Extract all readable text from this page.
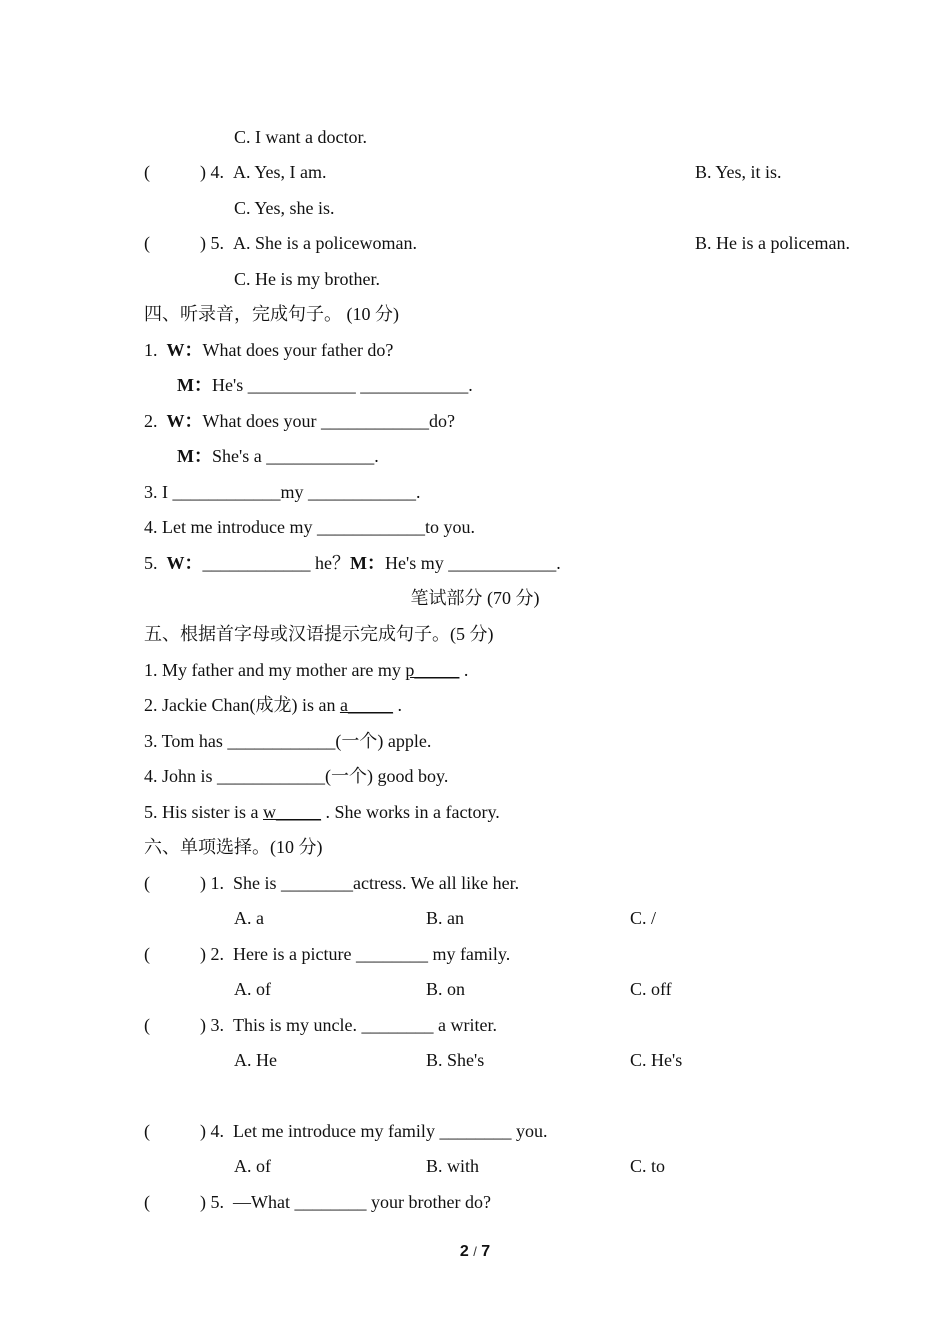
C. I want a doctor.
(	) 4. A. Yes, I am.	B. Yes, it is.
C. Yes, she is.
(	) 5. A. She is a policewoman.	B. He is a policeman.
C. He is my brother.
四、听录音，完成句子。 (10 分)
1. W：What does your father do?
M：He's ____________ ____________.
2. W：What does your ____________do?
M：She's a ____________.
3. I ____________my ____________.
4. Let me introduce my ____________to you.
5. W：____________ he？M：He's my ____________.
笔试部分 (70 分)
五、根据首字母或汉语提示完成句子。(5 分)
1. My father and my mother are my p_____ .
2. Jackie Chan(成龙) is an a_____ .
3. Tom has ____________(一个) apple.
4. John is ____________(一个) good boy.
5. His sister is a w_____ . She works in a factory.
六、单项选择。(10 分)
(	) 1. She is ________actress. We all like her.
A. a	B. an	C. /
(	) 2. Here is a picture ________ my family.
A. of	B. on	C. off
(	) 3. This is my uncle. ________ a writer.
A. He	B. She's	C. He's
(	) 4. Let me introduce my family ________ you.
A. of	B. with	C. to
(	) 5. —What ________ your brother do?
2 / 7
